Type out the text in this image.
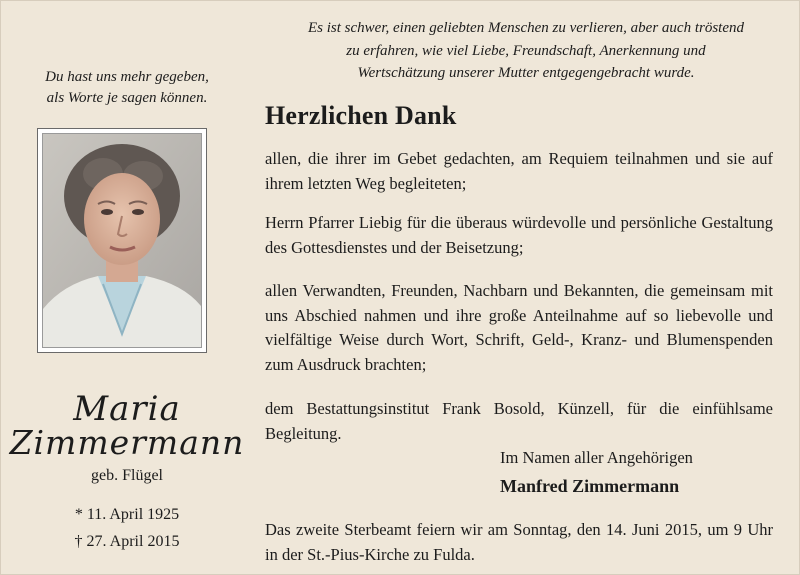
Du hast uns mehr gegeben,
als Worte je sagen können.
Maria
Zimmermann
geb. Flügel
* 11. April 1925
† 27. April 2015
Es ist schwer, einen geliebten Menschen zu verlieren, aber auch tröstend
zu erfahren, wie viel Liebe, Freundschaft, Anerkennung und
Wertschätzung unserer Mutter entgegengebracht wurde.
Herzlichen Dank
allen, die ihrer im Gebet gedachten, am Requiem teilnahmen und sie auf ihrem letzten Weg begleiteten;
Herrn Pfarrer Liebig für die überaus würdevolle und persönliche Gestaltung des Gottesdienstes und der Beisetzung;
allen Verwandten, Freunden, Nachbarn und Bekannten, die gemeinsam mit uns Abschied nahmen und ihre große Anteilnahme auf so liebevolle und vielfältige Weise durch Wort, Schrift, Geld-, Kranz- und Blumenspenden zum Ausdruck brachten;
dem Bestattungsinstitut Frank Bosold, Künzell, für die einfühlsame Begleitung.
Im Namen aller Angehörigen
Manfred Zimmermann
Das zweite Sterbeamt feiern wir am Sonntag, den 14. Juni 2015, um 9 Uhr in der St.-Pius-Kirche zu Fulda.
